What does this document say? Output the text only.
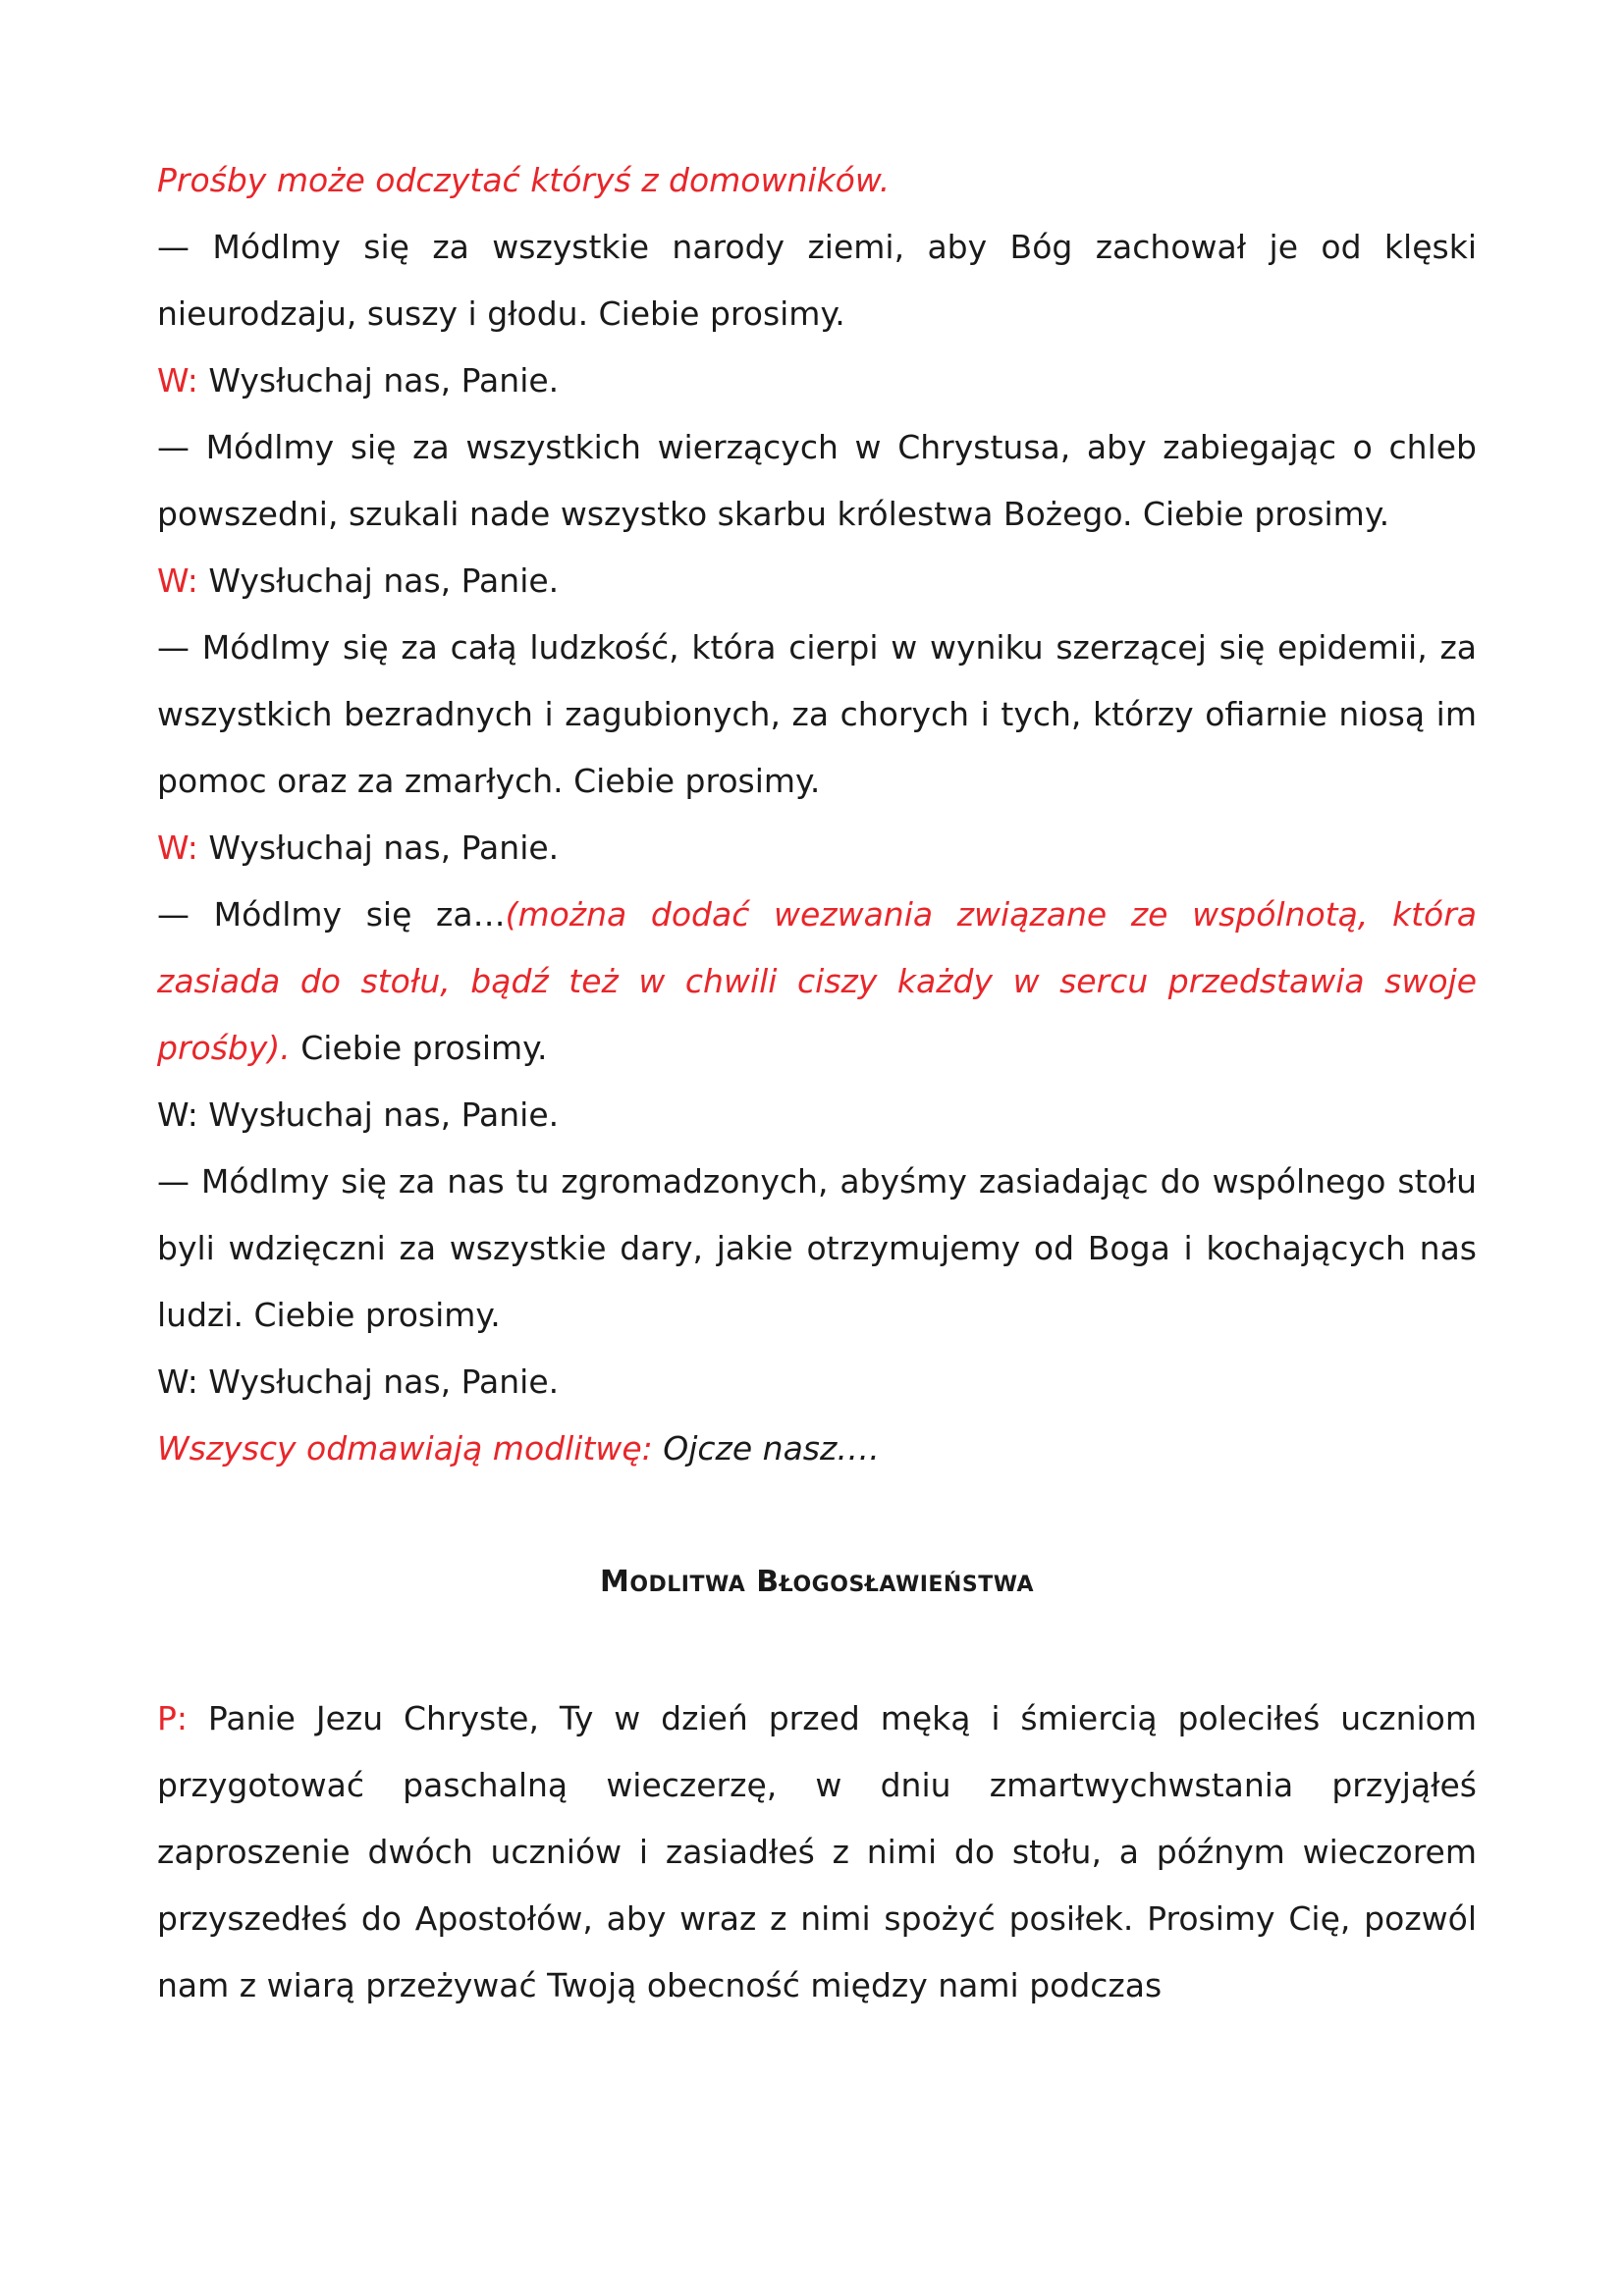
Prośby może odczytać któryś z domowników.

— Módlmy się za wszystkie narody ziemi, aby Bóg zachował je od klęski nieurodzaju, suszy i głodu. Ciebie prosimy.

W: Wysłuchaj nas, Panie.

— Módlmy się za wszystkich wierzących w Chrystusa, aby zabiegając o chleb powszedni, szukali nade wszystko skarbu królestwa Bożego. Ciebie prosimy.

W: Wysłuchaj nas, Panie.

— Módlmy się za całą ludzkość, która cierpi w wyniku szerzącej się epidemii, za wszystkich bezradnych i zagubionych, za chorych i tych, którzy ofiarnie niosą im pomoc oraz za zmarłych. Ciebie prosimy.

W: Wysłuchaj nas, Panie.

— Módlmy się za…(można dodać wezwania związane ze wspólnotą, która zasiada do stołu, bądź też w chwili ciszy każdy w sercu przedstawia swoje prośby). Ciebie prosimy.

W: Wysłuchaj nas, Panie.

— Módlmy się za nas tu zgromadzonych, abyśmy zasiadając do wspólnego stołu byli wdzięczni za wszystkie dary, jakie otrzymujemy od Boga i kochających nas ludzi. Ciebie prosimy.

W: Wysłuchaj nas, Panie.

Wszyscy odmawiają modlitwę: Ojcze nasz….

MODLITWA BŁOGOSŁAWIEŃSTWA

P: Panie Jezu Chryste, Ty w dzień przed męką i śmiercią poleciłeś uczniom przygotować paschalną wieczerzę, w dniu zmartwychwstania przyjąłeś zaproszenie dwóch uczniów i zasiadłeś z nimi do stołu, a późnym wieczorem przyszedłeś do Apostołów, aby wraz z nimi spożyć posiłek. Prosimy Cię, pozwól nam z wiarą przeżywać Twoją obecność między nami podczas
